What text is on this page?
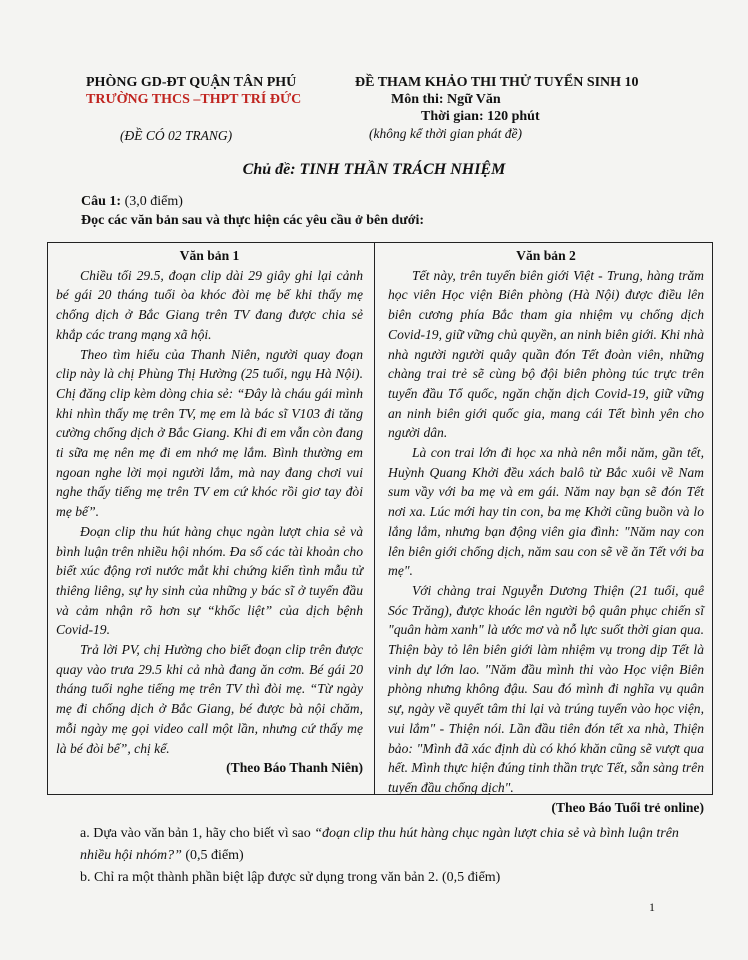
PHÒNG GD-ĐT QUẬN TÂN PHÚ
TRƯỜNG THCS –THPT TRÍ ĐỨC
(ĐỀ CÓ 02 TRANG)
ĐỀ THAM KHẢO THI THỬ TUYỂN SINH 10
Môn thi: Ngữ Văn
Thời gian: 120 phút
(không kể thời gian phát đề)
Chủ đề: TINH THẦN TRÁCH NHIỆM
Câu 1: (3,0 điểm)
Đọc các văn bản sau và thực hiện các yêu cầu ở bên dưới:
Văn bản 1

Chiều tối 29.5, đoạn clip dài 29 giây ghi lại cảnh bé gái 20 tháng tuổi òa khóc đòi mẹ bế khi thấy mẹ chống dịch ở Bắc Giang trên TV đang được chia sẻ khắp các trang mạng xã hội.

Theo tìm hiểu của Thanh Niên, người quay đoạn clip này là chị Phùng Thị Hường (25 tuổi, ngụ Hà Nội). Chị đăng clip kèm dòng chia sẻ: “Đây là cháu gái mình khi nhìn thấy mẹ trên TV, mẹ em là bác sĩ V103 đi tăng cường chống dịch ở Bắc Giang. Khi đi em vẫn còn đang ti sữa mẹ nên mẹ đi em nhớ mẹ lắm. Bình thường em ngoan nghe lời mọi người lắm, mà nay đang chơi vui nghe thấy tiếng mẹ trên TV em cứ khóc rồi giơ tay đòi mẹ bế”.

Đoạn clip thu hút hàng chục ngàn lượt chia sẻ và bình luận trên nhiều hội nhóm. Đa số các tài khoản cho biết xúc động rơi nước mắt khi chứng kiến tình mẫu tử thiêng liêng, sự hy sinh của những y bác sĩ ở tuyến đầu và cảm nhận rõ hơn sự “khốc liệt” của dịch bệnh Covid-19.

Trả lời PV, chị Hường cho biết đoạn clip trên được quay vào trưa 29.5 khi cả nhà đang ăn cơm. Bé gái 20 tháng tuổi nghe tiếng mẹ trên TV thì đòi mẹ. “Từ ngày mẹ đi chống dịch ở Bắc Giang, bé được bà nội chăm, mỗi ngày mẹ gọi video call một lần, nhưng cứ thấy mẹ là bé đòi bế”, chị kể.

(Theo Báo Thanh Niên)
Văn bản 2

Tết này, trên tuyến biên giới Việt - Trung, hàng trăm học viên Học viện Biên phòng (Hà Nội) được điều lên biên cương phía Bắc tham gia nhiệm vụ chống dịch Covid-19, giữ vững chủ quyền, an ninh biên giới. Khi nhà nhà người người quây quần đón Tết đoàn viên, những chàng trai trẻ sẽ cùng bộ đội biên phòng túc trực trên tuyến đầu Tổ quốc, ngăn chặn dịch Covid-19, giữ vững an ninh biên giới quốc gia, mang cái Tết bình yên cho người dân.

Là con trai lớn đi học xa nhà nên mỗi năm, gần tết, Huỳnh Quang Khởi đều xách balô từ Bắc xuôi về Nam sum vầy với ba mẹ và em gái. Năm nay bạn sẽ đón Tết nơi xa. Lúc mới hay tin con, ba mẹ Khởi cũng buồn và lo lắng lắm, nhưng bạn động viên gia đình: "Năm nay con lên biên giới chống dịch, năm sau con sẽ về ăn Tết với ba mẹ".

Với chàng trai Nguyễn Dương Thiện (21 tuổi, quê Sóc Trăng), được khoác lên người bộ quân phục chiến sĩ "quân hàm xanh" là ước mơ và nỗ lực suốt thời gian qua. Thiện bày tỏ lên biên giới làm nhiệm vụ trong dịp Tết là vinh dự lớn lao. "Năm đầu mình thi vào Học viện Biên phòng nhưng không đậu. Sau đó mình đi nghĩa vụ quân sự, ngày về quyết tâm thi lại và trúng tuyển vào học viện, vui lắm" - Thiện nói. Lần đầu tiên đón tết xa nhà, Thiện bảo: "Mình đã xác định dù có khó khăn cũng sẽ vượt qua hết. Mình thực hiện đúng tinh thần trực Tết, sẵn sàng trên tuyến đầu chống dịch".

(Theo Báo Tuổi trẻ online)

a. Dựa vào văn bản 1, hãy cho biết vì sao “đoạn clip thu hút hàng chục ngàn lượt chia sẻ và bình luận trên nhiều hội nhóm?” (0,5 điểm)

b. Chỉ ra một thành phần biệt lập được sử dụng trong văn bản 2. (0,5 điểm)

1
